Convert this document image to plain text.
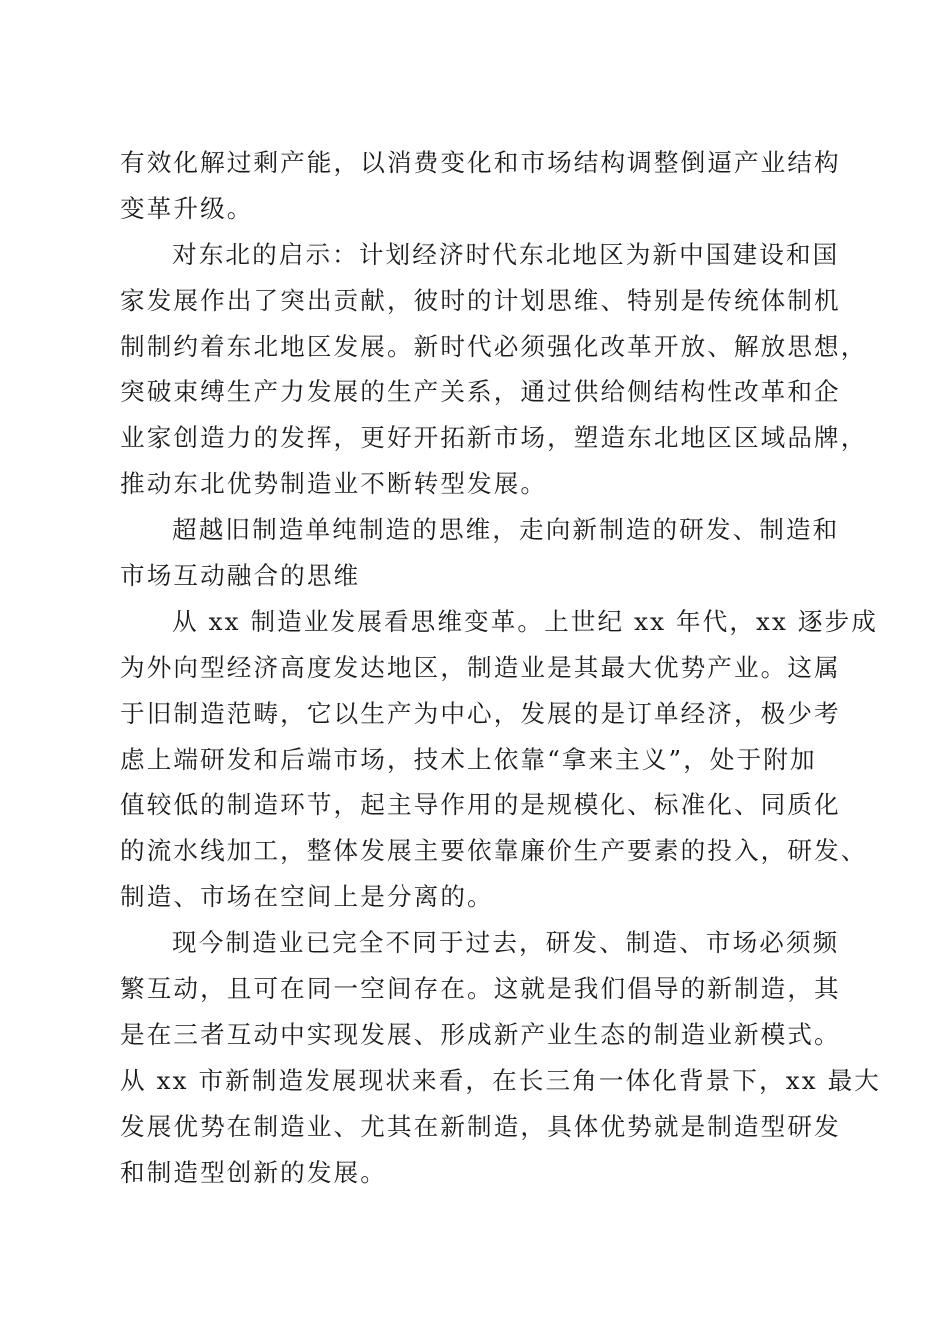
有效化解过剩产能，以消费变化和市场结构调整倒逼产业结构
变革升级。
对东北的启示：计划经济时代东北地区为新中国建设和国
家发展作出了突出贡献，彼时的计划思维、特别是传统体制机
制制约着东北地区发展。新时代必须强化改革开放、解放思想，
突破束缚生产力发展的生产关系，通过供给侧结构性改革和企
业家创造力的发挥，更好开拓新市场，塑造东北地区区域品牌，
推动东北优势制造业不断转型发展。
超越旧制造单纯制造的思维，走向新制造的研发、制造和
市场互动融合的思维
从 xx 制造业发展看思维变革。上世纪 xx 年代，xx 逐步成
为外向型经济高度发达地区，制造业是其最大优势产业。这属
于旧制造范畴，它以生产为中心，发展的是订单经济，极少考
虑上端研发和后端市场，技术上依靠“拿来主义”，处于附加
值较低的制造环节，起主导作用的是规模化、标准化、同质化
的流水线加工，整体发展主要依靠廉价生产要素的投入，研发、
制造、市场在空间上是分离的。
现今制造业已完全不同于过去，研发、制造、市场必须频
繁互动，且可在同一空间存在。这就是我们倡导的新制造，其
是在三者互动中实现发展、形成新产业生态的制造业新模式。
从 xx 市新制造发展现状来看，在长三角一体化背景下，xx 最大
发展优势在制造业、尤其在新制造，具体优势就是制造型研发
和制造型创新的发展。
